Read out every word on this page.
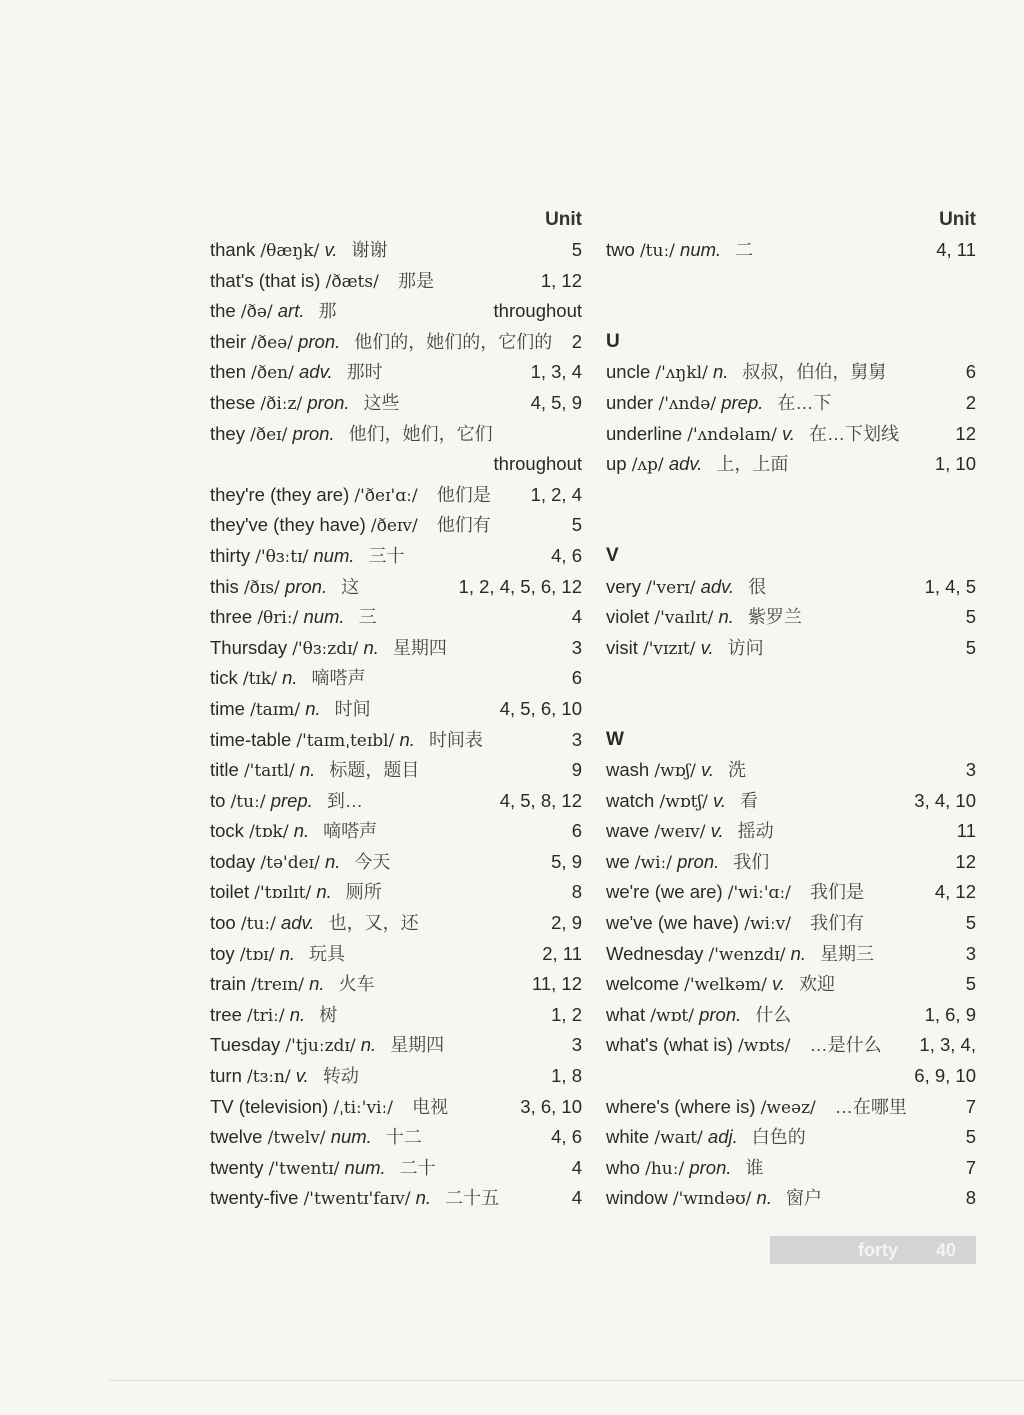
Unit
thank /θæŋk/ v. 谢谢	5
that's (that is) /ðæts/ 那是	1, 12
the /ðə/ art. 那	throughout
their /ðeə/ pron. 他们的，她们的，它们的 2
then /ðen/ adv. 那时	1, 3, 4
these /ðiːz/ pron. 这些	4, 5, 9
they /ðeɪ/ pron. 他们，她们，它们
throughout
they're (they are) /'ðeɪ'ɑː/ 他们是 1, 2, 4
they've (they have) /ðeɪv/ 他们有	5
thirty /'θɜːtɪ/ num. 三十	4, 6
this /ðɪs/ pron. 这	1, 2, 4, 5, 6, 12
three /θriː/ num. 三	4
Thursday /'θɜːzdɪ/ n. 星期四	3
tick /tɪk/ n. 嘀嗒声	6
time /taɪm/ n. 时间	4, 5, 6, 10
time-table /'taɪmˌteɪbl/ n. 时间表	3
title /'taɪtl/ n. 标题，题目	9
to /tuː/ prep. 到…	4, 5, 8, 12
tock /tɒk/ n. 嘀嗒声	6
today /tə'deɪ/ n. 今天	5, 9
toilet /'tɒɪlɪt/ n. 厕所	8
too /tuː/ adv. 也，又，还	2, 9
toy /tɒɪ/ n. 玩具	2, 11
train /treɪn/ n. 火车	11, 12
tree /triː/ n. 树	1, 2
Tuesday /'tjuːzdɪ/ n. 星期四	3
turn /tɜːn/ v. 转动	1, 8
TV (television) /ˌtiː'viː/ 电视	3, 6, 10
twelve /twelv/ num. 十二	4, 6
twenty /'twentɪ/ num. 二十	4
twenty-five /'twentɪ'faɪv/ n. 二十五	4
Unit
two /tuː/ num. 二	4, 11
U
uncle /'ʌŋkl/ n. 叔叔，伯伯，舅舅	6
under /'ʌndə/ prep. 在…下	2
underline /'ʌndəlaɪn/ v. 在…下划线	12
up /ʌp/ adv. 上，上面	1, 10
V
very /'verɪ/ adv. 很	1, 4, 5
violet /'vaɪlɪt/ n. 紫罗兰	5
visit /'vɪzɪt/ v. 访问	5
W
wash /wɒʃ/ v. 洗	3
watch /wɒtʃ/ v. 看	3, 4, 10
wave /weɪv/ v. 摇动	11
we /wiː/ pron. 我们	12
we're (we are) /'wiː'ɑː/ 我们是	4, 12
we've (we have) /wiːv/ 我们有	5
Wednesday /'wenzdɪ/ n. 星期三	3
welcome /'welkəm/ v. 欢迎	5
what /wɒt/ pron. 什么	1, 6, 9
what's (what is) /wɒts/ …是什么 1, 3, 4,
6, 9, 10
where's (where is) /weəz/ …在哪里	7
white /waɪt/ adj. 白色的	5
who /huː/ pron. 谁	7
window /'wɪndəʊ/ n. 窗户	8
forty 40
